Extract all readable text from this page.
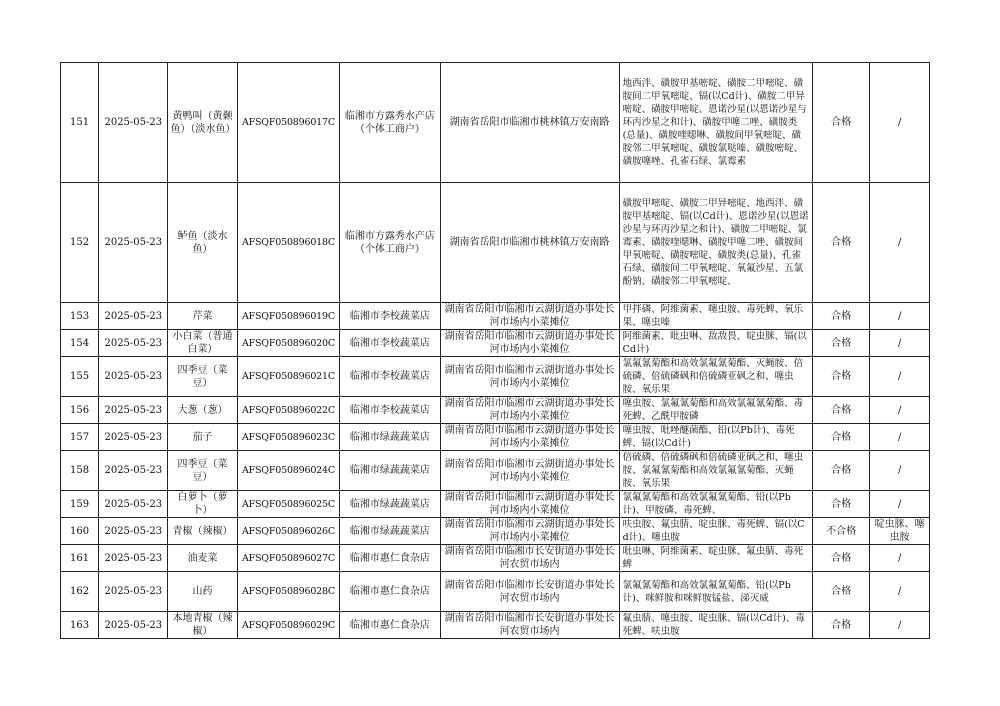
151	2025-05-23	黄鸭叫（黄颡鱼）（淡水鱼）	AFSQF050896017C	临湘市方露秀水产店（个体工商户）	湖南省岳阳市临湘市桃林镇万安南路	地西泮、磺胺甲基嘧啶、磺胺二甲嘧啶、磺胺间二甲氧嘧啶、镉(以Cd计)、磺胺二甲异嘧啶、磺胺甲嘧啶、恩诺沙星(以恩诺沙星与环丙沙星之和计)、磺胺甲噻二唑、磺胺类(总量)、磺胺喹噁啉、磺胺间甲氧嘧啶、磺胺邻二甲氧嘧啶、磺胺氯哒嗪、磺胺嘧啶、磺胺噻唑、孔雀石绿、氯霉素	合格	/
152	2025-05-23	鲈鱼（淡水鱼）	AFSQF050896018C	临湘市方露秀水产店（个体工商户）	湖南省岳阳市临湘市桃林镇万安南路	磺胺甲嘧啶、磺胺二甲异嘧啶、地西泮、磺胺甲基嘧啶、镉(以Cd计)、恩诺沙星(以恩诺沙星与环丙沙星之和计)、磺胺二甲嘧啶、氯霉素、磺胺喹噁啉、磺胺甲噻二唑、磺胺间甲氧嘧啶、磺胺嘧啶、磺胺类(总量)、孔雀石绿、磺胺间二甲氧嘧啶、氧氟沙星、五氯酚钠、磺胺邻二甲氧嘧啶、	合格	/
153	2025-05-23	芹菜	AFSQF050896019C	临湘市李校蔬菜店	湖南省岳阳市临湘市云湖街道办事处长河市场内小菜摊位	甲拌磷、阿维菌素、噻虫胺、毒死蜱、氧乐果、噻虫嗪	合格	/
154	2025-05-23	小白菜（普通白菜）	AFSQF050896020C	临湘市李校蔬菜店	湖南省岳阳市临湘市云湖街道办事处长河市场内小菜摊位	阿维菌素、吡虫啉、敌敌畏、啶虫脒、镉(以Cd计)	合格	/
155	2025-05-23	四季豆（菜豆）	AFSQF050896021C	临湘市李校蔬菜店	湖南省岳阳市临湘市云湖街道办事处长河市场内小菜摊位	氯氟氰菊酯和高效氯氟氰菊酯、灭蝇胺、倍硫磷、倍硫磷砜和倍硫磷亚砜之和、噻虫胺、氧乐果	合格	/
156	2025-05-23	大葱（葱）	AFSQF050896022C	临湘市李校蔬菜店	湖南省岳阳市临湘市云湖街道办事处长河市场内小菜摊位	噻虫胺、氯氟氰菊酯和高效氯氟氰菊酯、毒死蜱、乙酰甲胺磷	合格	/
157	2025-05-23	茄子	AFSQF050896023C	临湘市绿蔬蔬菜店	湖南省岳阳市临湘市云湖街道办事处长河市场内小菜摊位	噻虫胺、吡唑醚菌酯、铅(以Pb计)、毒死蜱、镉(以Cd计)	合格	/
158	2025-05-23	四季豆（菜豆）	AFSQF050896024C	临湘市绿蔬蔬菜店	湖南省岳阳市临湘市云湖街道办事处长河市场内小菜摊位	倍硫磷、倍硫磷砜和倍硫磷亚砜之和、噻虫胺、氯氟氰菊酯和高效氯氟氰菊酯、灭蝇胺、氧乐果	合格	/
159	2025-05-23	白萝卜（萝卜）	AFSQF050896025C	临湘市绿蔬蔬菜店	湖南省岳阳市临湘市云湖街道办事处长河市场内小菜摊位	氯氟氰菊酯和高效氯氟氰菊酯、铅(以Pb计)、甲胺磷、毒死蜱、	合格	/
160	2025-05-23	青椒（辣椒）	AFSQF050896026C	临湘市绿蔬蔬菜店	湖南省岳阳市临湘市云湖街道办事处长河市场内小菜摊位	呋虫胺、氟虫腈、啶虫脒、毒死蜱、镉(以Cd计)、噻虫胺	不合格	啶虫脒、噻虫胺
161	2025-05-23	油麦菜	AFSQF050896027C	临湘市惠仁食杂店	湖南省岳阳市临湘市长安街道办事处长河农贸市场内	吡虫啉、阿维菌素、啶虫脒、氟虫腈、毒死蜱	合格	/
162	2025-05-23	山药	AFSQF050896028C	临湘市惠仁食杂店	湖南省岳阳市临湘市长安街道办事处长河农贸市场内	氯氟氰菊酯和高效氯氟氰菊酯、铅(以Pb计)、咪鲜胺和咪鲜胺锰盐、涕灭威	合格	/
163	2025-05-23	本地青椒（辣椒）	AFSQF050896029C	临湘市惠仁食杂店	湖南省岳阳市临湘市长安街道办事处长河农贸市场内	氟虫腈、噻虫胺、啶虫脒、镉(以Cd计)、毒死蜱、呋虫胺	合格	/
